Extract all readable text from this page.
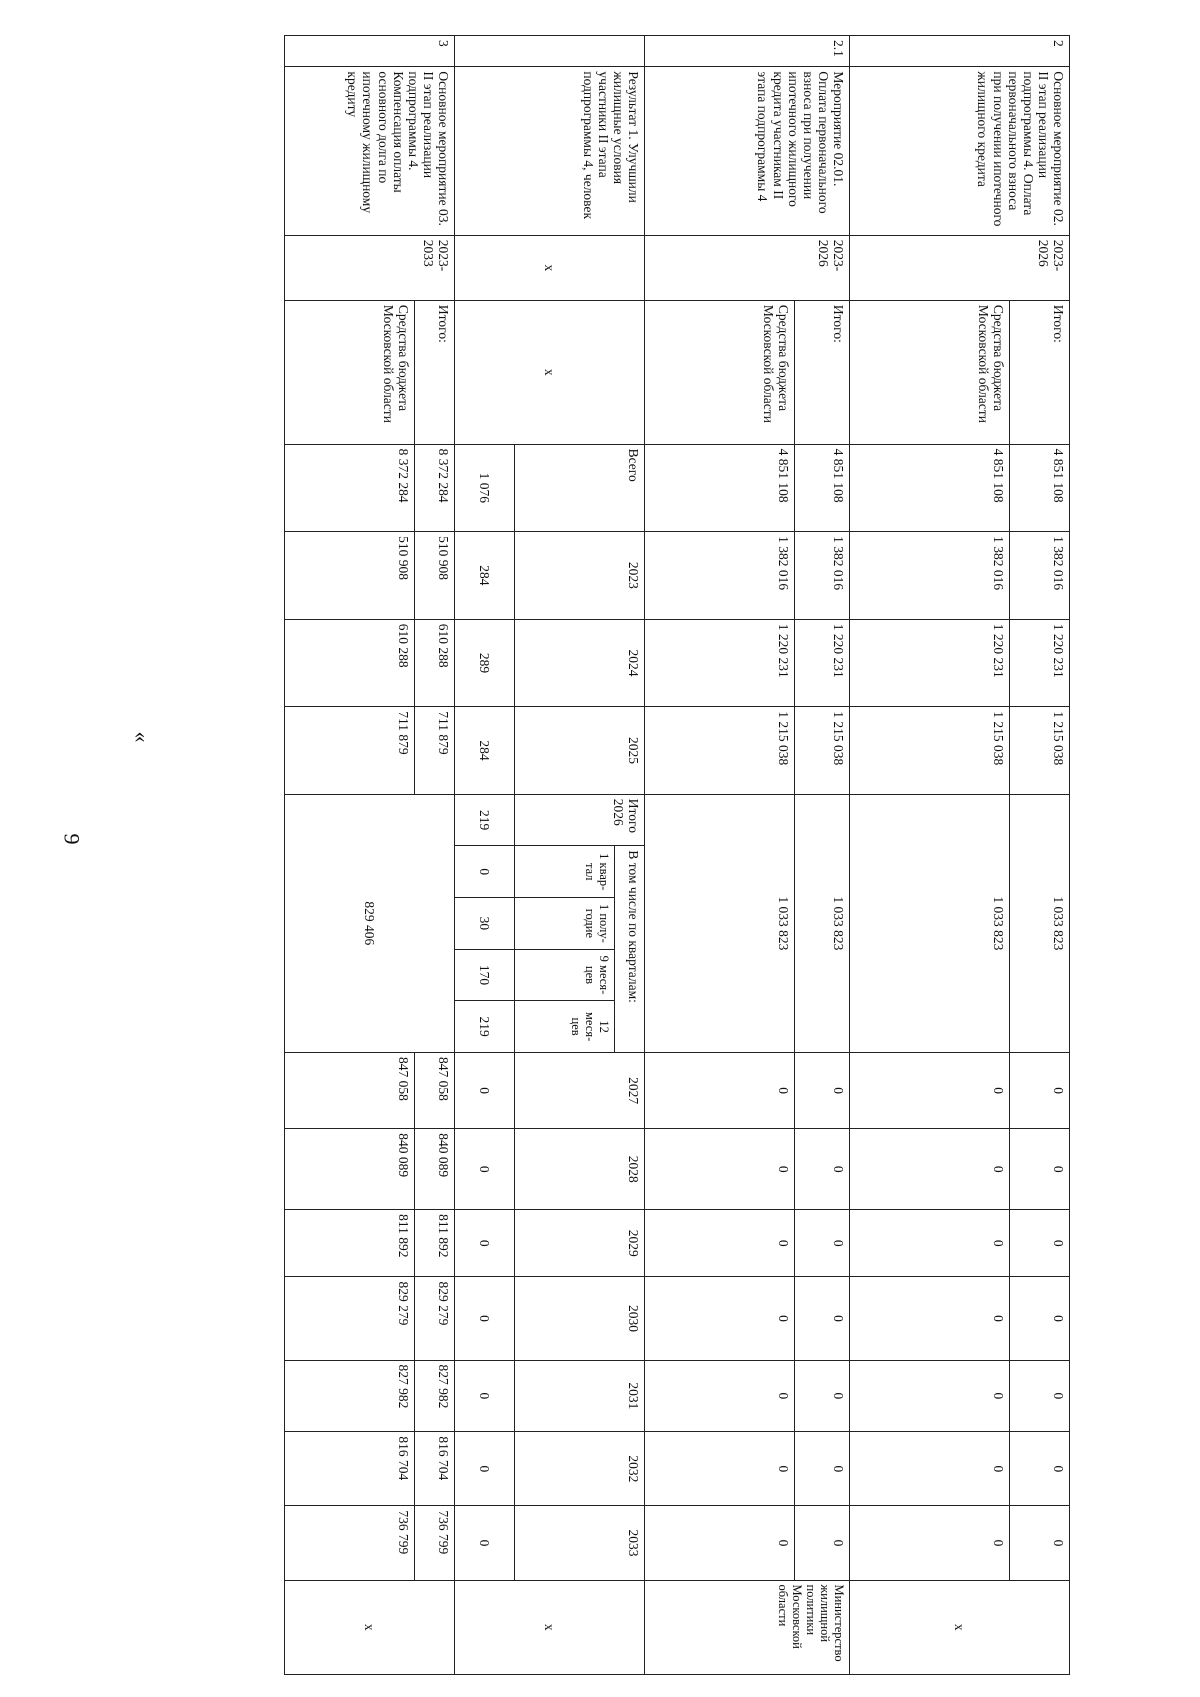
9
«
2	Основное мероприятие 02. II этап реализации подпрограммы 4. Оплата первоначального взноса при получении ипотечного жилищного кредита	2023-2026	Итого:	4 851 108	1 382 016	1 220 231	1 215 038	1 033 823					0	0	0	0	0	0	0	х
			Средства бюджета Московской области	4 851 108	1 382 016	1 220 231	1 215 038	1 033 823					0	0	0	0	0	0	0	
2.1	Мероприятие 02.01. Оплата первоначального взноса при получении ипотечного жилищного кредита участникам II этапа подпрограммы 4	2023-2026	Итого:	4 851 108	1 382 016	1 220 231	1 215 038	1 033 823					0	0	0	0	0	0	0	Министерство жилищной политики Московской области
			Средства бюджета Московской области	4 851 108	1 382 016	1 220 231	1 215 038	1 033 823					0	0	0	0	0	0	0	
	Результат 1. Улучшили жилищные условия участники II этапа подпрограммы 4, человек	х	х	Всего	2023	2024	2025	Итого 2026	В том числе по кварталам:				2027	2028	2029	2030	2031	2032	2033	х
									1 квар-тал	1 полу-годие	9 меся-цев	12 меся-цев								
				1 076	284	289	284	219	0	30	170	219	0	0	0	0	0	0	0	
3	Основное мероприятие 03. II этап реализации подпрограммы 4. Компенсация оплаты основного долга по ипотечному жилищному кредиту	2023-2033	Итого:	8 372 284	510 908	610 288	711 879	829 406					847 058	840 089	811 892	829 279	827 982	816 704	736 799	х
			Средства бюджета Московской области	8 372 284	510 908	610 288	711 879						847 058	840 089	811 892	829 279	827 982	816 704	736 799	
